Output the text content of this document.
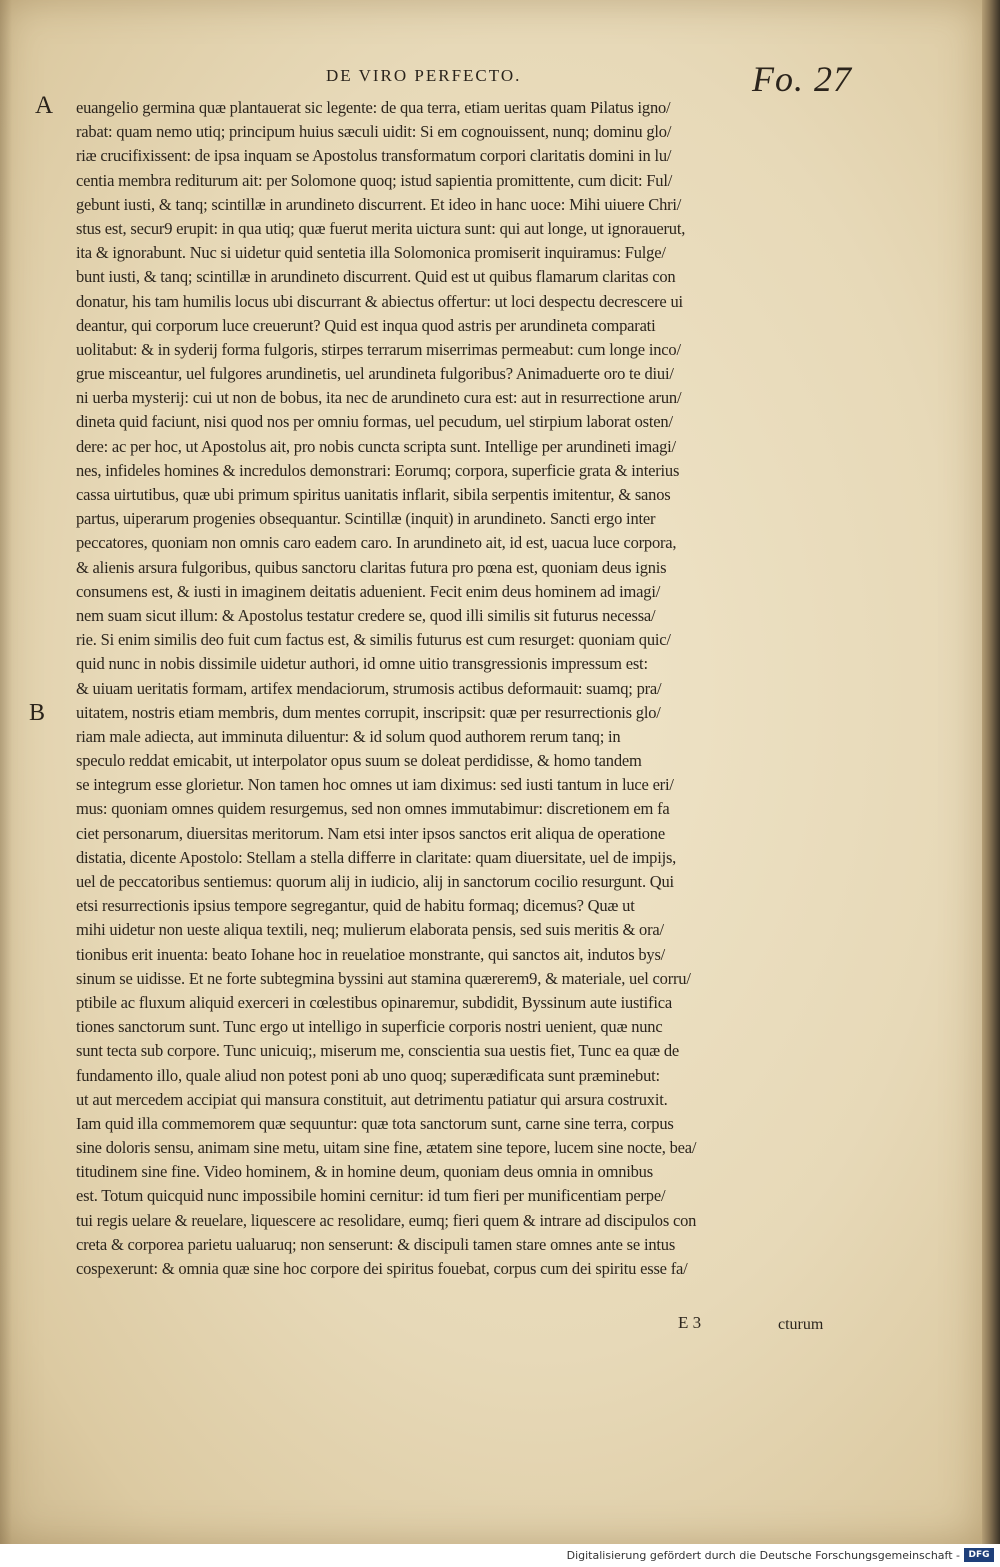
DE VIRO PERFECTO.	Fo. 27
A
B
euangelio germina quæ plantauerat sic legente: de qua terra, etiam ueritas quam Pilatus igno/
rabat: quam nemo utiq; principum huius sæculi uidit: Si em cognouissent, nunq; dominu glo/
riæ crucifixissent: de ipsa inquam se Apostolus transformatum corpori claritatis domini in lu/
centia membra rediturum ait: per Solomone quoq; istud sapientia promittente, cum dicit: Ful/
gebunt iusti, & tanq; scintillæ in arundineto discurrent. Et ideo in hanc uoce: Mihi uiuere Chri/
stus est, secur9 erupit: in qua utiq; quæ fuerut merita uictura sunt: qui aut longe, ut ignorauerut,
ita & ignorabunt. Nuc si uidetur quid sentetia illa Solomonica promiserit inquiramus: Fulge/
bunt iusti, & tanq; scintillæ in arundineto discurrent. Quid est ut quibus flamarum claritas con
donatur, his tam humilis locus ubi discurrant & abiectus offertur: ut loci despectu decrescere ui
deantur, qui corporum luce creuerunt? Quid est inqua quod astris per arundineta comparati
uolitabut: & in syderij forma fulgoris, stirpes terrarum miserrimas permeabut: cum longe inco/
grue misceantur, uel fulgores arundinetis, uel arundineta fulgoribus? Animaduerte oro te diui/
ni uerba mysterij: cui ut non de bobus, ita nec de arundineto cura est: aut in resurrectione arun/
dineta quid faciunt, nisi quod nos per omniu formas, uel pecudum, uel stirpium laborat osten/
dere: ac per hoc, ut Apostolus ait, pro nobis cuncta scripta sunt. Intellige per arundineti imagi/
nes, infideles homines & incredulos demonstrari: Eorumq; corpora, superficie grata & interius
cassa uirtutibus, quæ ubi primum spiritus uanitatis inflarit, sibila serpentis imitentur, & sanos
partus, uiperarum progenies obsequantur. Scintillæ (inquit) in arundineto. Sancti ergo inter
peccatores, quoniam non omnis caro eadem caro. In arundineto ait, id est, uacua luce corpora,
& alienis arsura fulgoribus, quibus sanctoru claritas futura pro pœna est, quoniam deus ignis
consumens est, & iusti in imaginem deitatis aduenient. Fecit enim deus hominem ad imagi/
nem suam sicut illum: & Apostolus testatur credere se, quod illi similis sit futurus necessa/
rie. Si enim similis deo fuit cum factus est, & similis futurus est cum resurget: quoniam quic/
quid nunc in nobis dissimile uidetur authori, id omne uitio transgressionis impressum est:
& uiuam ueritatis formam, artifex mendaciorum, strumosis actibus deformauit: suamq; pra/
uitatem, nostris etiam membris, dum mentes corrupit, inscripsit: quæ per resurrectionis glo/
riam male adiecta, aut imminuta diluentur: & id solum quod authorem rerum tanq; in
speculo reddat emicabit, ut interpolator opus suum se doleat perdidisse, & homo tandem
se integrum esse glorietur. Non tamen hoc omnes ut iam diximus: sed iusti tantum in luce eri/
mus: quoniam omnes quidem resurgemus, sed non omnes immutabimur: discretionem em fa
ciet personarum, diuersitas meritorum. Nam etsi inter ipsos sanctos erit aliqua de operatione
distatia, dicente Apostolo: Stellam a stella differre in claritate: quam diuersitate, uel de impijs,
uel de peccatoribus sentiemus: quorum alij in iudicio, alij in sanctorum cocilio resurgunt. Qui
etsi resurrectionis ipsius tempore segregantur, quid de habitu formaq; dicemus? Quæ ut
mihi uidetur non ueste aliqua textili, neq; mulierum elaborata pensis, sed suis meritis & ora/
tionibus erit inuenta: beato Iohane hoc in reuelatioe monstrante, qui sanctos ait, indutos bys/
sinum se uidisse. Et ne forte subtegmina byssini aut stamina quærerem9, & materiale, uel corru/
ptibile ac fluxum aliquid exerceri in cœlestibus opinaremur, subdidit, Byssinum aute iustifica
tiones sanctorum sunt. Tunc ergo ut intelligo in superficie corporis nostri uenient, quæ nunc
sunt tecta sub corpore. Tunc unicuiq;, miserum me, conscientia sua uestis fiet, Tunc ea quæ de
fundamento illo, quale aliud non potest poni ab uno quoq; superædificata sunt præminebut:
ut aut mercedem accipiat qui mansura constituit, aut detrimentu patiatur qui arsura costruxit.
Iam quid illa commemorem quæ sequuntur: quæ tota sanctorum sunt, carne sine terra, corpus
sine doloris sensu, animam sine metu, uitam sine fine, ætatem sine tepore, lucem sine nocte, bea/
titudinem sine fine. Video hominem, & in homine deum, quoniam deus omnia in omnibus
est. Totum quicquid nunc impossibile homini cernitur: id tum fieri per munificentiam perpe/
tui regis uelare & reuelare, liquescere ac resolidare, eumq; fieri quem & intrare ad discipulos con
creta & corporea parietu ualuaruq; non senserunt: & discipuli tamen stare omnes ante se intus
cospexerunt: & omnia quæ sine hoc corpore dei spiritus fouebat, corpus cum dei spiritu esse fa/
E 3	cturum
Digitalisierung gefördert durch die Deutsche Forschungsgemeinschaft - DFG
